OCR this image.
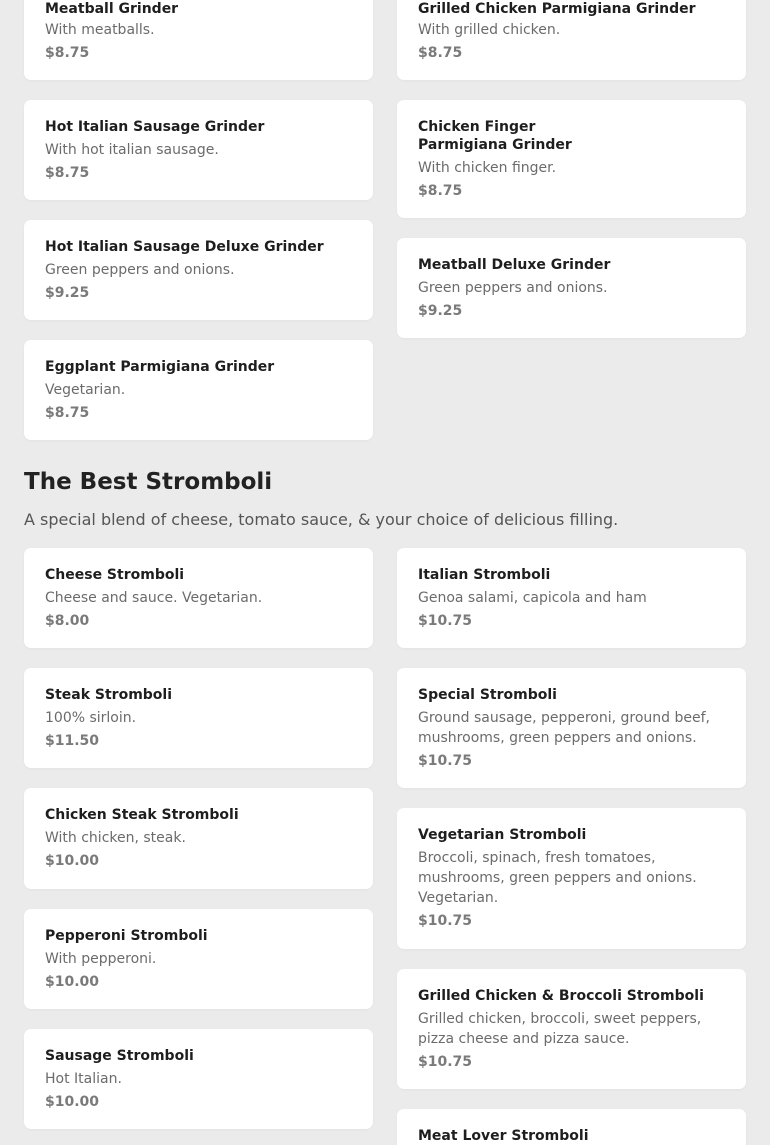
Meatball Grinder
With meatballs.
$8.75
Hot Italian Sausage Grinder
With hot italian sausage.
$8.75
Hot Italian Sausage Deluxe Grinder
Green peppers and onions.
$9.25
Eggplant Parmigiana Grinder
Vegetarian.
$8.75
Grilled Chicken Parmigiana Grinder
With grilled chicken.
$8.75
Chicken Finger Parmigiana Grinder
With chicken finger.
$8.75
Meatball Deluxe Grinder
Green peppers and onions.
$9.25
The Best Stromboli

A special blend of cheese, tomato sauce, & your choice of delicious filling.

Cheese Stromboli
Cheese and sauce. Vegetarian.
$8.00
Steak Stromboli
100% sirloin.
$11.50
Chicken Steak Stromboli
With chicken, steak.
$10.00
Pepperoni Stromboli
With pepperoni.
$10.00
Sausage Stromboli
Hot Italian.
$10.00
Italian Stromboli
Genoa salami, capicola and ham
$10.75
Special Stromboli
Ground sausage, pepperoni, ground beef, mushrooms, green peppers and onions.
$10.75
Vegetarian Stromboli
Broccoli, spinach, fresh tomatoes, mushrooms, green peppers and onions. Vegetarian.
$10.75
Grilled Chicken & Broccoli Stromboli
Grilled chicken, broccoli, sweet peppers, pizza cheese and pizza sauce.
$10.75
Meat Lover Stromboli
